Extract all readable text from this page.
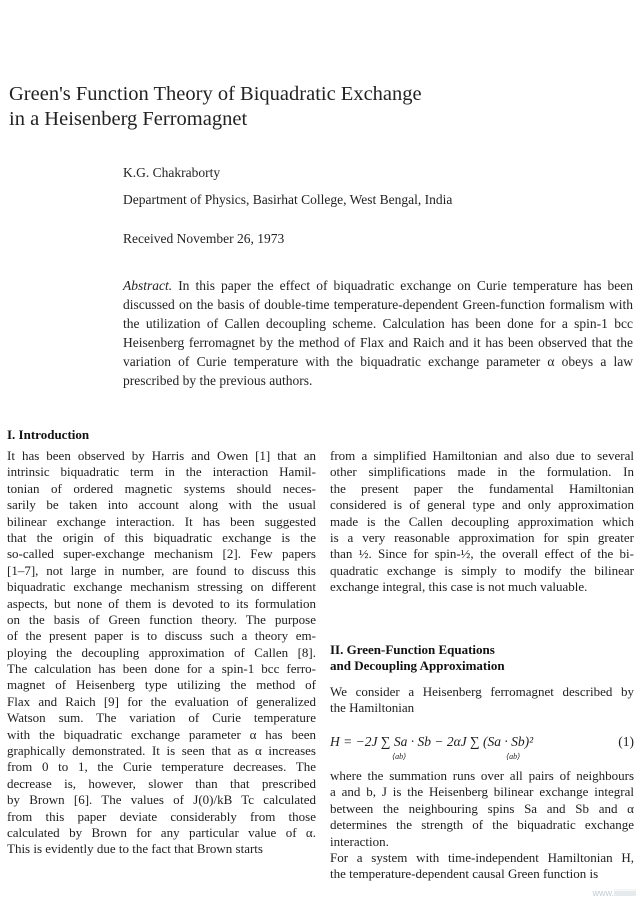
Green's Function Theory of Biquadratic Exchange
in a Heisenberg Ferromagnet
K.G. Chakraborty
Department of Physics, Basirhat College, West Bengal, India
Received November 26, 1973
Abstract. In this paper the effect of biquadratic exchange on Curie temperature has been discussed on the basis of double-time temperature-dependent Green-function formalism with the utilization of Callen decoupling scheme. Calculation has been done for a spin-1 bcc Heisenberg ferromagnet by the method of Flax and Raich and it has been observed that the variation of Curie temperature with the biquadratic exchange parameter α obeys a law prescribed by the previous authors.
I. Introduction
It has been observed by Harris and Owen [1] that an
intrinsic biquadratic term in the interaction Hamil-
tonian of ordered magnetic systems should neces-
sarily be taken into account along with the usual
bilinear exchange interaction. It has been suggested
that the origin of this biquadratic exchange is the
so-called super-exchange mechanism [2]. Few papers
[1–7], not large in number, are found to discuss this
biquadratic exchange mechanism stressing on different
aspects, but none of them is devoted to its formulation
on the basis of Green function theory. The purpose
of the present paper is to discuss such a theory em-
ploying the decoupling approximation of Callen [8].
The calculation has been done for a spin-1 bcc ferro-
magnet of Heisenberg type utilizing the method of
Flax and Raich [9] for the evaluation of generalized
Watson sum. The variation of Curie temperature
with the biquadratic exchange parameter α has been
graphically demonstrated. It is seen that as α increases
from 0 to 1, the Curie temperature decreases. The
decrease is, however, slower than that prescribed
by Brown [6]. The values of J(0)/kB Tc calculated
from this paper deviate considerably from those
calculated by Brown for any particular value of α.
This is evidently due to the fact that Brown starts
from a simplified Hamiltonian and also due to several
other simplifications made in the formulation. In
the present paper the fundamental Hamiltonian
considered is of general type and only approximation
made is the Callen decoupling approximation which
is a very reasonable approximation for spin greater
than ½. Since for spin-½, the overall effect of the bi-
quadratic exchange is simply to modify the bilinear
exchange integral, this case is not much valuable.
II. Green-Function Equations
and Decoupling Approximation
We consider a Heisenberg ferromagnet described by
the Hamiltonian
H = −2J ∑ Sa · Sb − 2αJ ∑ (Sa · Sb)²
⟨ab⟩	⟨ab⟩
(1)
where the summation runs over all pairs of neighbours
a and b, J is the Heisenberg bilinear exchange integral
between the neighbouring spins Sa and Sb and α
determines the strength of the biquadratic exchange
interaction.
For a system with time-independent Hamiltonian H,
the temperature-dependent causal Green function is
www.iiiiiiiiiii
